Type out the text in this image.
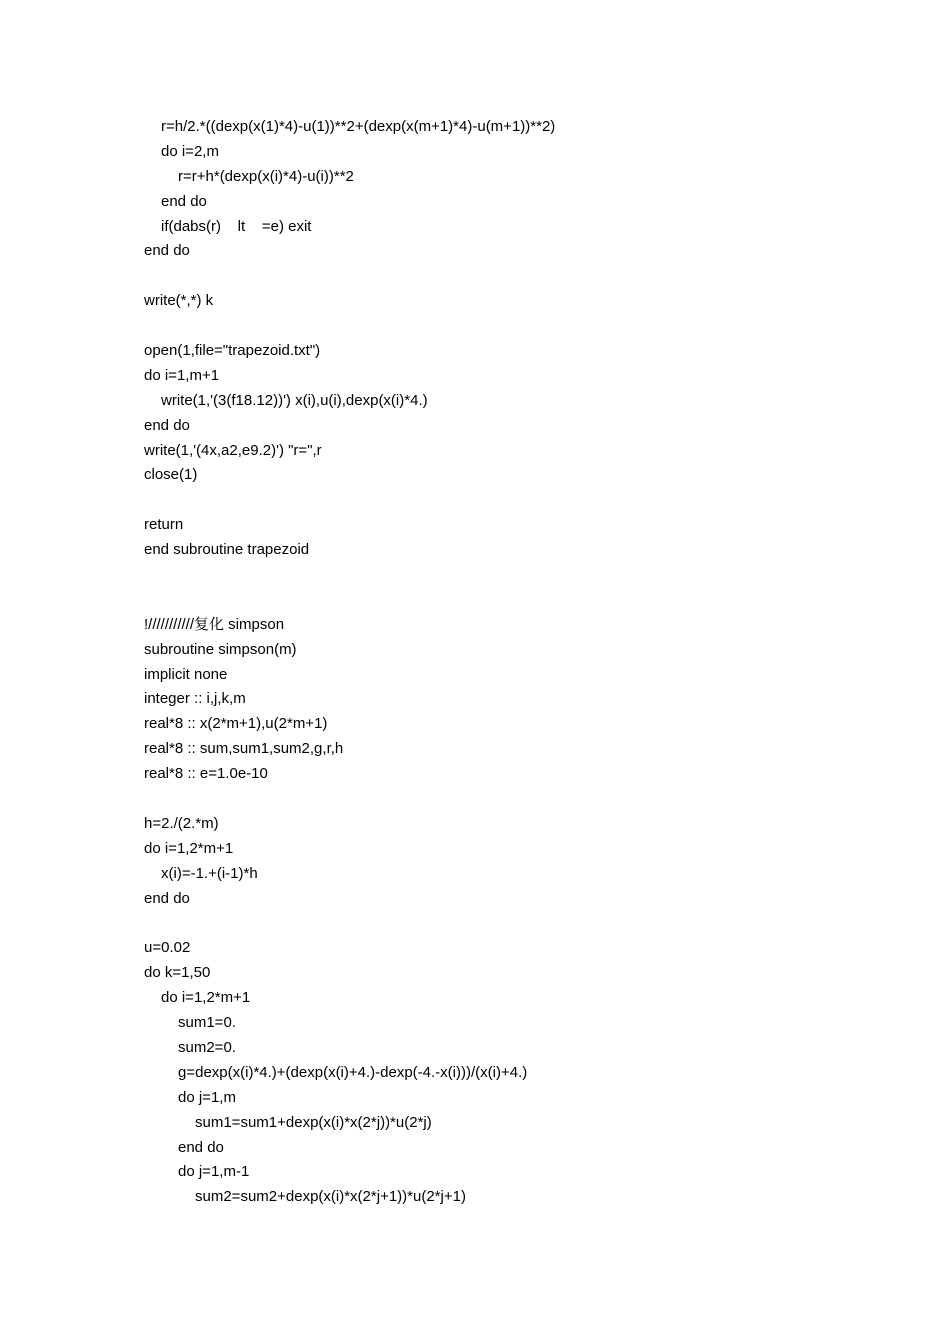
r=h/2.*((dexp(x(1)*4)-u(1))**2+(dexp(x(m+1)*4)-u(m+1))**2)
do i=2,m
r=r+h*(dexp(x(i)*4)-u(i))**2
end do
if(dabs(r)    lt    =e) exit
end do
write(*,*) k
open(1,file="trapezoid.txt")
do i=1,m+1
write(1,'(3(f18.12))') x(i),u(i),dexp(x(i)*4.)
end do
write(1,'(4x,a2,e9.2)') "r=",r
close(1)
return
end subroutine trapezoid
!///////////复化 simpson
subroutine simpson(m)
implicit none
integer :: i,j,k,m
real*8 :: x(2*m+1),u(2*m+1)
real*8 :: sum,sum1,sum2,g,r,h
real*8 :: e=1.0e-10
h=2./(2.*m)
do i=1,2*m+1
x(i)=-1.+(i-1)*h
end do
u=0.02
do k=1,50
do i=1,2*m+1
sum1=0.
sum2=0.
g=dexp(x(i)*4.)+(dexp(x(i)+4.)-dexp(-4.-x(i)))/(x(i)+4.)
do j=1,m
sum1=sum1+dexp(x(i)*x(2*j))*u(2*j)
end do
do j=1,m-1
sum2=sum2+dexp(x(i)*x(2*j+1))*u(2*j+1)
